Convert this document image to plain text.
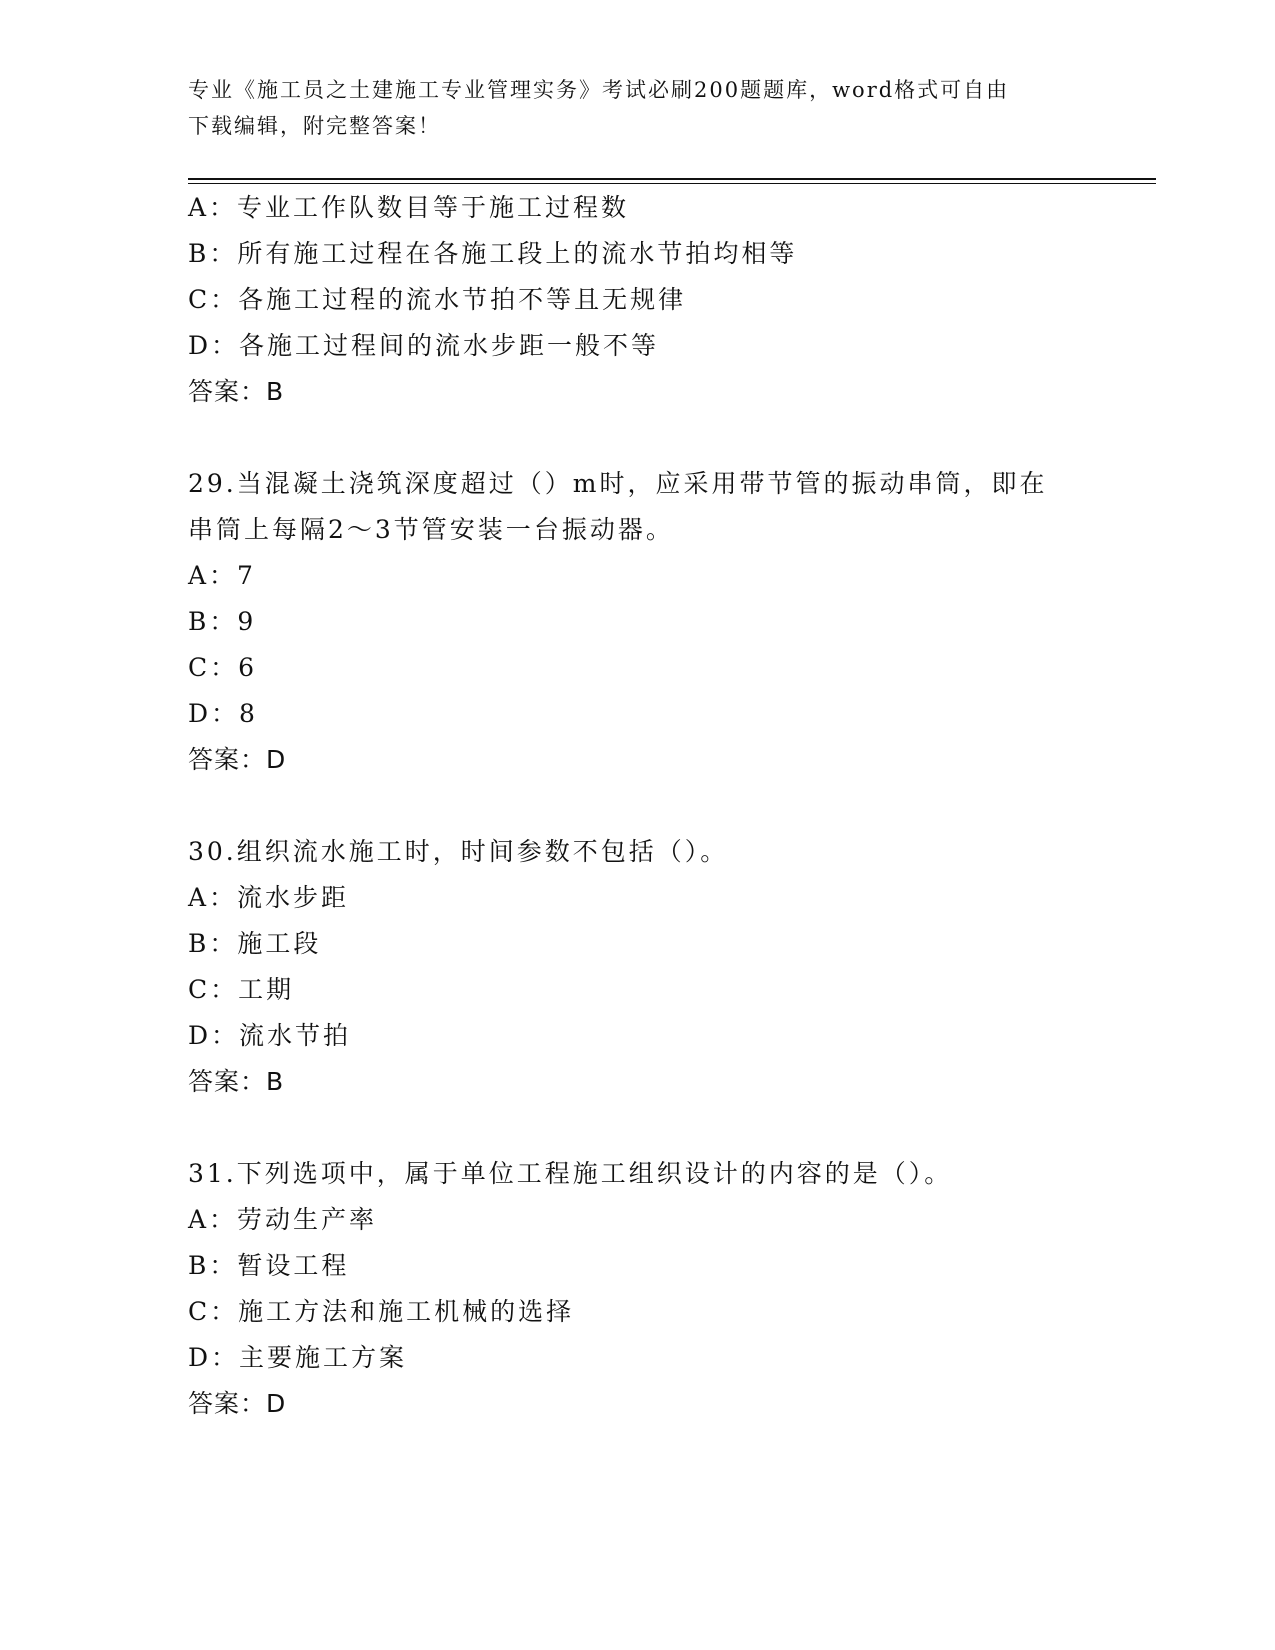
专业《施工员之土建施工专业管理实务》考试必刷200题题库，word格式可自由
下载编辑，附完整答案！
A：专业工作队数目等于施工过程数
B：所有施工过程在各施工段上的流水节拍均相等
C：各施工过程的流水节拍不等且无规律
D：各施工过程间的流水步距一般不等
答案：B
29.当混凝土浇筑深度超过（）m时，应采用带节管的振动串筒，即在
串筒上每隔2～3节管安装一台振动器。
A：7
B：9
C：6
D：8
答案：D
30.组织流水施工时，时间参数不包括（）。
A：流水步距
B：施工段
C：工期
D：流水节拍
答案：B
31.下列选项中，属于单位工程施工组织设计的内容的是（）。
A：劳动生产率
B：暂设工程
C：施工方法和施工机械的选择
D：主要施工方案
答案：D
